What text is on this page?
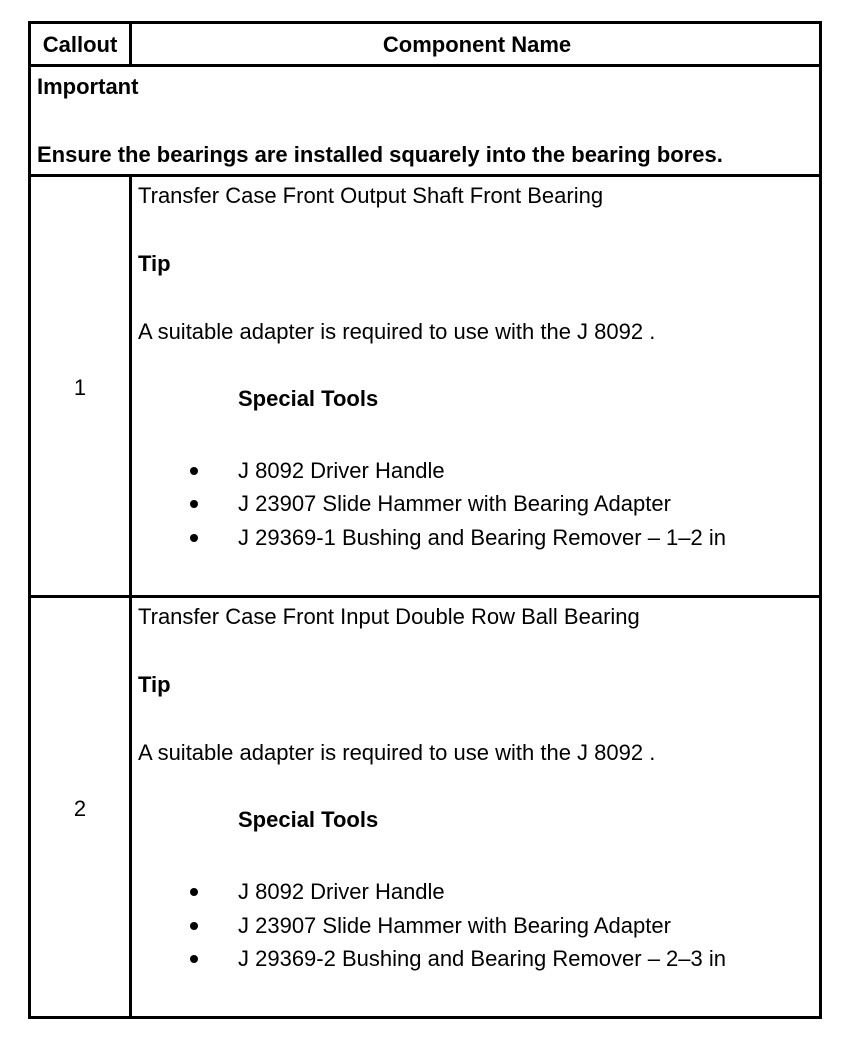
Callout	Component Name
Important
Ensure the bearings are installed squarely into the bearing bores.
1
Transfer Case Front Output Shaft Front Bearing
Tip
A suitable adapter is required to use with the J 8092 .
Special Tools
J 8092 Driver Handle
J 23907 Slide Hammer with Bearing Adapter
J 29369-1 Bushing and Bearing Remover – 1–2 in
2
Transfer Case Front Input Double Row Ball Bearing
Tip
A suitable adapter is required to use with the J 8092 .
Special Tools
J 8092 Driver Handle
J 23907 Slide Hammer with Bearing Adapter
J 29369-2 Bushing and Bearing Remover – 2–3 in
